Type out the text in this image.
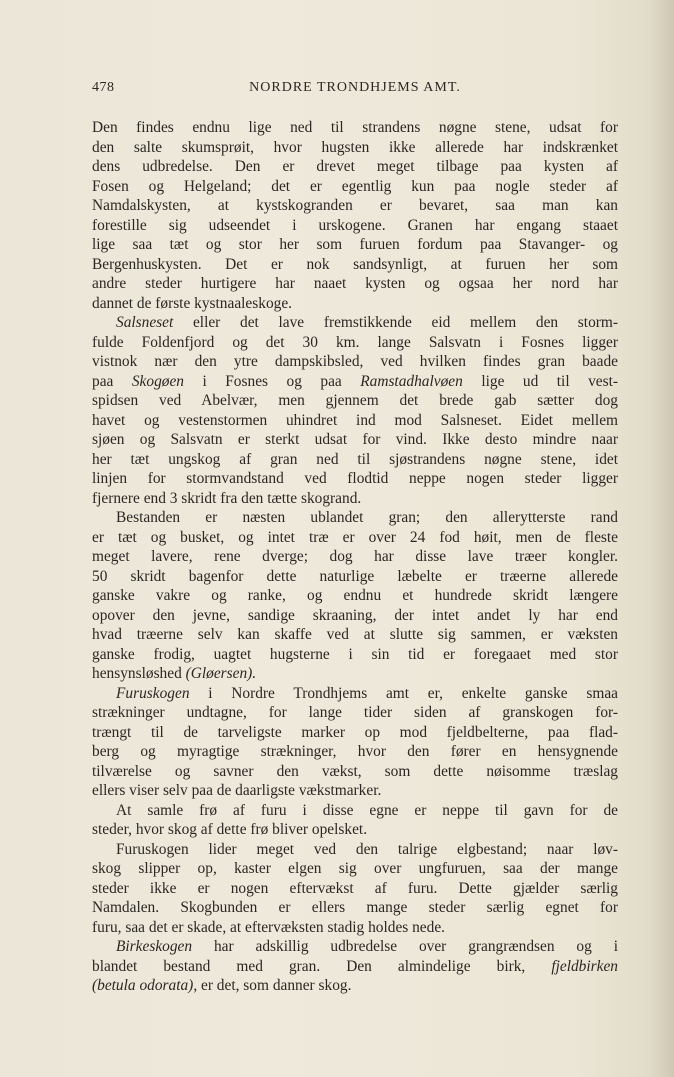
478	NORDRE TRONDHJEMS AMT.
Den findes endnu lige ned til strandens nøgne stene, udsat for
den salte skumsprøit, hvor hugsten ikke allerede har indskrænket
dens udbredelse. Den er drevet meget tilbage paa kysten af
Fosen og Helgeland; det er egentlig kun paa nogle steder af
Namdalskysten, at kystskogranden er bevaret, saa man kan
forestille sig udseendet i urskogene. Granen har engang staaet
lige saa tæt og stor her som furuen fordum paa Stavanger- og
Bergenhuskysten. Det er nok sandsynligt, at furuen her som
andre steder hurtigere har naaet kysten og ogsaa her nord har
dannet de første kystnaaleskoge.
Salsneset eller det lave fremstikkende eid mellem den storm-
fulde Foldenfjord og det 30 km. lange Salsvatn i Fosnes ligger
vistnok nær den ytre dampskibsled, ved hvilken findes gran baade
paa Skogøen i Fosnes og paa Ramstadhalvøen lige ud til vest-
spidsen ved Abelvær, men gjennem det brede gab sætter dog
havet og vestenstormen uhindret ind mod Salsneset. Eidet mellem
sjøen og Salsvatn er sterkt udsat for vind. Ikke desto mindre naar
her tæt ungskog af gran ned til sjøstrandens nøgne stene, idet
linjen for stormvandstand ved flodtid neppe nogen steder ligger
fjernere end 3 skridt fra den tætte skogrand.
Bestanden er næsten ublandet gran; den allerytterste rand
er tæt og busket, og intet træ er over 24 fod høit, men de fleste
meget lavere, rene dverge; dog har disse lave træer kongler.
50 skridt bagenfor dette naturlige læbelte er træerne allerede
ganske vakre og ranke, og endnu et hundrede skridt længere
opover den jevne, sandige skraaning, der intet andet ly har end
hvad træerne selv kan skaffe ved at slutte sig sammen, er væksten
ganske frodig, uagtet hugsterne i sin tid er foregaaet med stor
hensynsløshed (Gløersen).
Furuskogen i Nordre Trondhjems amt er, enkelte ganske smaa
strækninger undtagne, for lange tider siden af granskogen for-
trængt til de tarveligste marker op mod fjeldbelterne, paa flad-
berg og myragtige strækninger, hvor den fører en hensygnende
tilværelse og savner den vækst, som dette nøisomme træslag
ellers viser selv paa de daarligste vækstmarker.
At samle frø af furu i disse egne er neppe til gavn for de
steder, hvor skog af dette frø bliver opelsket.
Furuskogen lider meget ved den talrige elgbestand; naar løv-
skog slipper op, kaster elgen sig over ungfuruen, saa der mange
steder ikke er nogen eftervækst af furu. Dette gjælder særlig
Namdalen. Skogbunden er ellers mange steder særlig egnet for
furu, saa det er skade, at eftervæksten stadig holdes nede.
Birkeskogen har adskillig udbredelse over grangrændsen og i
blandet bestand med gran. Den almindelige birk, fjeldbirken
(betula odorata), er det, som danner skog.
